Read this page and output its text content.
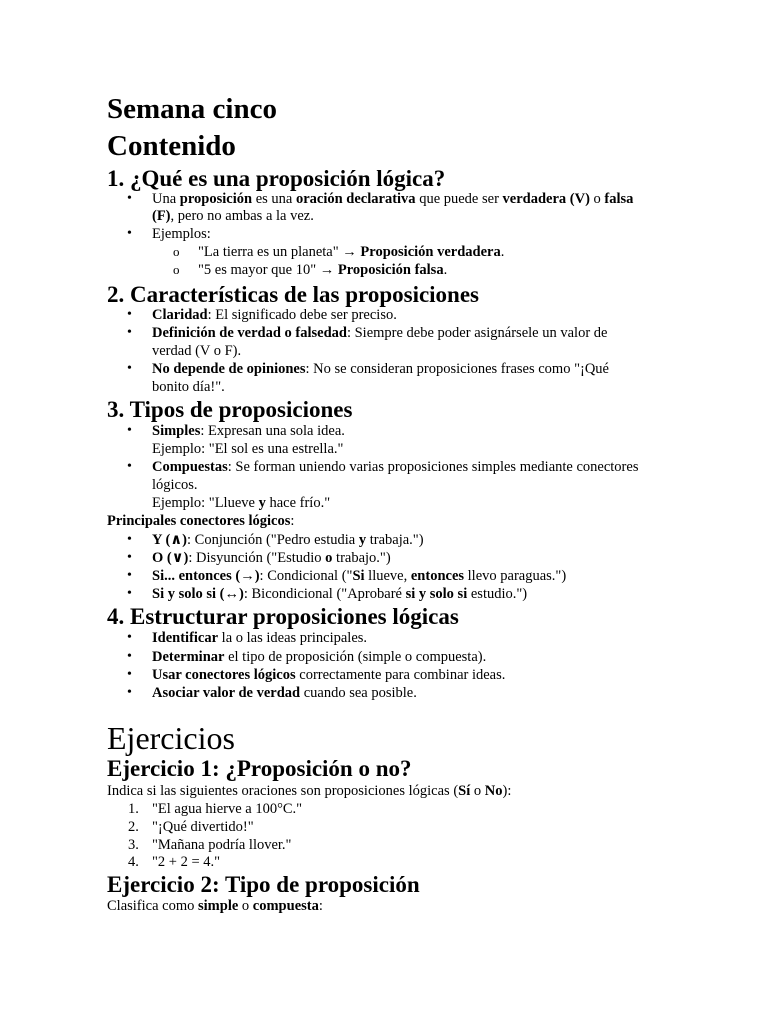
Semana cinco
Contenido
1. ¿Qué es una proposición lógica?
• Una proposición es una oración declarativa que puede ser verdadera (V) o falsa
(F), pero no ambas a la vez.
• Ejemplos:
o "La tierra es un planeta" → Proposición verdadera.
o "5 es mayor que 10" → Proposición falsa.
2. Características de las proposiciones
• Claridad: El significado debe ser preciso.
• Definición de verdad o falsedad: Siempre debe poder asignársele un valor de
verdad (V o F).
• No depende de opiniones: No se consideran proposiciones frases como "¡Qué
bonito día!".
3. Tipos de proposiciones
• Simples: Expresan una sola idea.
Ejemplo: "El sol es una estrella."
• Compuestas: Se forman uniendo varias proposiciones simples mediante conectores
lógicos.
Ejemplo: "Llueve y hace frío."
Principales conectores lógicos:
• Y (∧): Conjunción ("Pedro estudia y trabaja.")
• O (∨): Disyunción ("Estudio o trabajo.")
• Si... entonces (→): Condicional ("Si llueve, entonces llevo paraguas.")
• Si y solo si (↔): Bicondicional ("Aprobaré si y solo si estudio.")
4. Estructurar proposiciones lógicas
• Identificar la o las ideas principales.
• Determinar el tipo de proposición (simple o compuesta).
• Usar conectores lógicos correctamente para combinar ideas.
• Asociar valor de verdad cuando sea posible.
Ejercicios
Ejercicio 1: ¿Proposición o no?
Indica si las siguientes oraciones son proposiciones lógicas (Sí o No):
1. "El agua hierve a 100°C."
2. "¡Qué divertido!"
3. "Mañana podría llover."
4. "2 + 2 = 4."
Ejercicio 2: Tipo de proposición
Clasifica como simple o compuesta:
